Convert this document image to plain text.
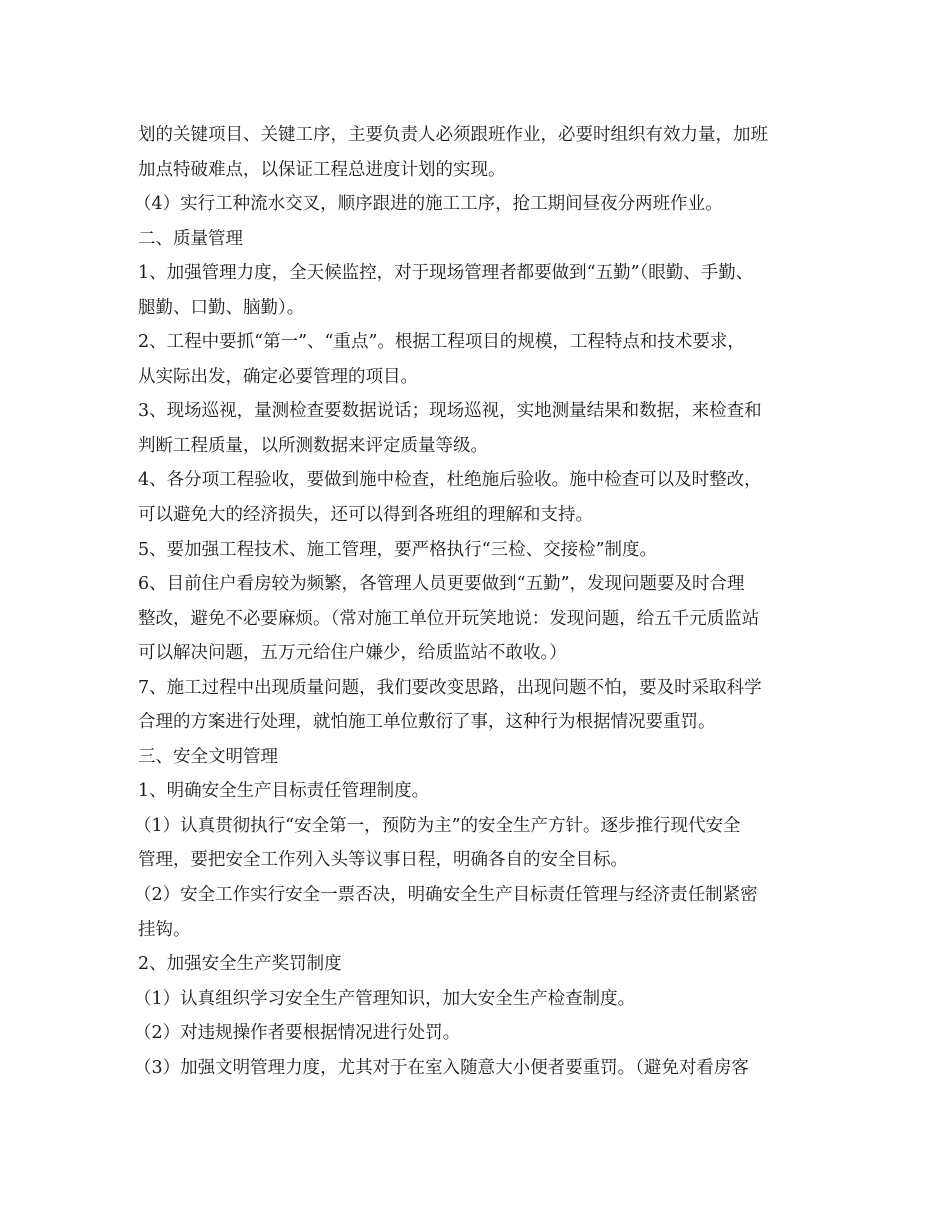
划的关键项目、关键工序，主要负责人必须跟班作业，必要时组织有效力量，加班
加点特破难点，以保证工程总进度计划的实现。
（4）实行工种流水交叉，顺序跟进的施工工序，抢工期间昼夜分两班作业。
二、质量管理
1、加强管理力度，全天候监控，对于现场管理者都要做到“五勤”（眼勤、手勤、
腿勤、口勤、脑勤）。
2、工程中要抓“第一”、“重点”。根据工程项目的规模，工程特点和技术要求，
从实际出发，确定必要管理的项目。
3、现场巡视，量测检查要数据说话；现场巡视，实地测量结果和数据，来检查和
判断工程质量，以所测数据来评定质量等级。
4、各分项工程验收，要做到施中检查，杜绝施后验收。施中检查可以及时整改，
可以避免大的经济损失，还可以得到各班组的理解和支持。
5、要加强工程技术、施工管理，要严格执行“三检、交接检”制度。
6、目前住户看房较为频繁，各管理人员更要做到“五勤”，发现问题要及时合理
整改，避免不必要麻烦。（常对施工单位开玩笑地说：发现问题，给五千元质监站
可以解决问题，五万元给住户嫌少，给质监站不敢收。）
7、施工过程中出现质量问题，我们要改变思路，出现问题不怕，要及时采取科学
合理的方案进行处理，就怕施工单位敷衍了事，这种行为根据情况要重罚。
三、安全文明管理
1、明确安全生产目标责任管理制度。
（1）认真贯彻执行“安全第一，预防为主”的安全生产方针。逐步推行现代安全
管理，要把安全工作列入头等议事日程，明确各自的安全目标。
（2）安全工作实行安全一票否决，明确安全生产目标责任管理与经济责任制紧密
挂钩。
2、加强安全生产奖罚制度
（1）认真组织学习安全生产管理知识，加大安全生产检查制度。
（2）对违规操作者要根据情况进行处罚。
（3）加强文明管理力度，尤其对于在室入随意大小便者要重罚。（避免对看房客
